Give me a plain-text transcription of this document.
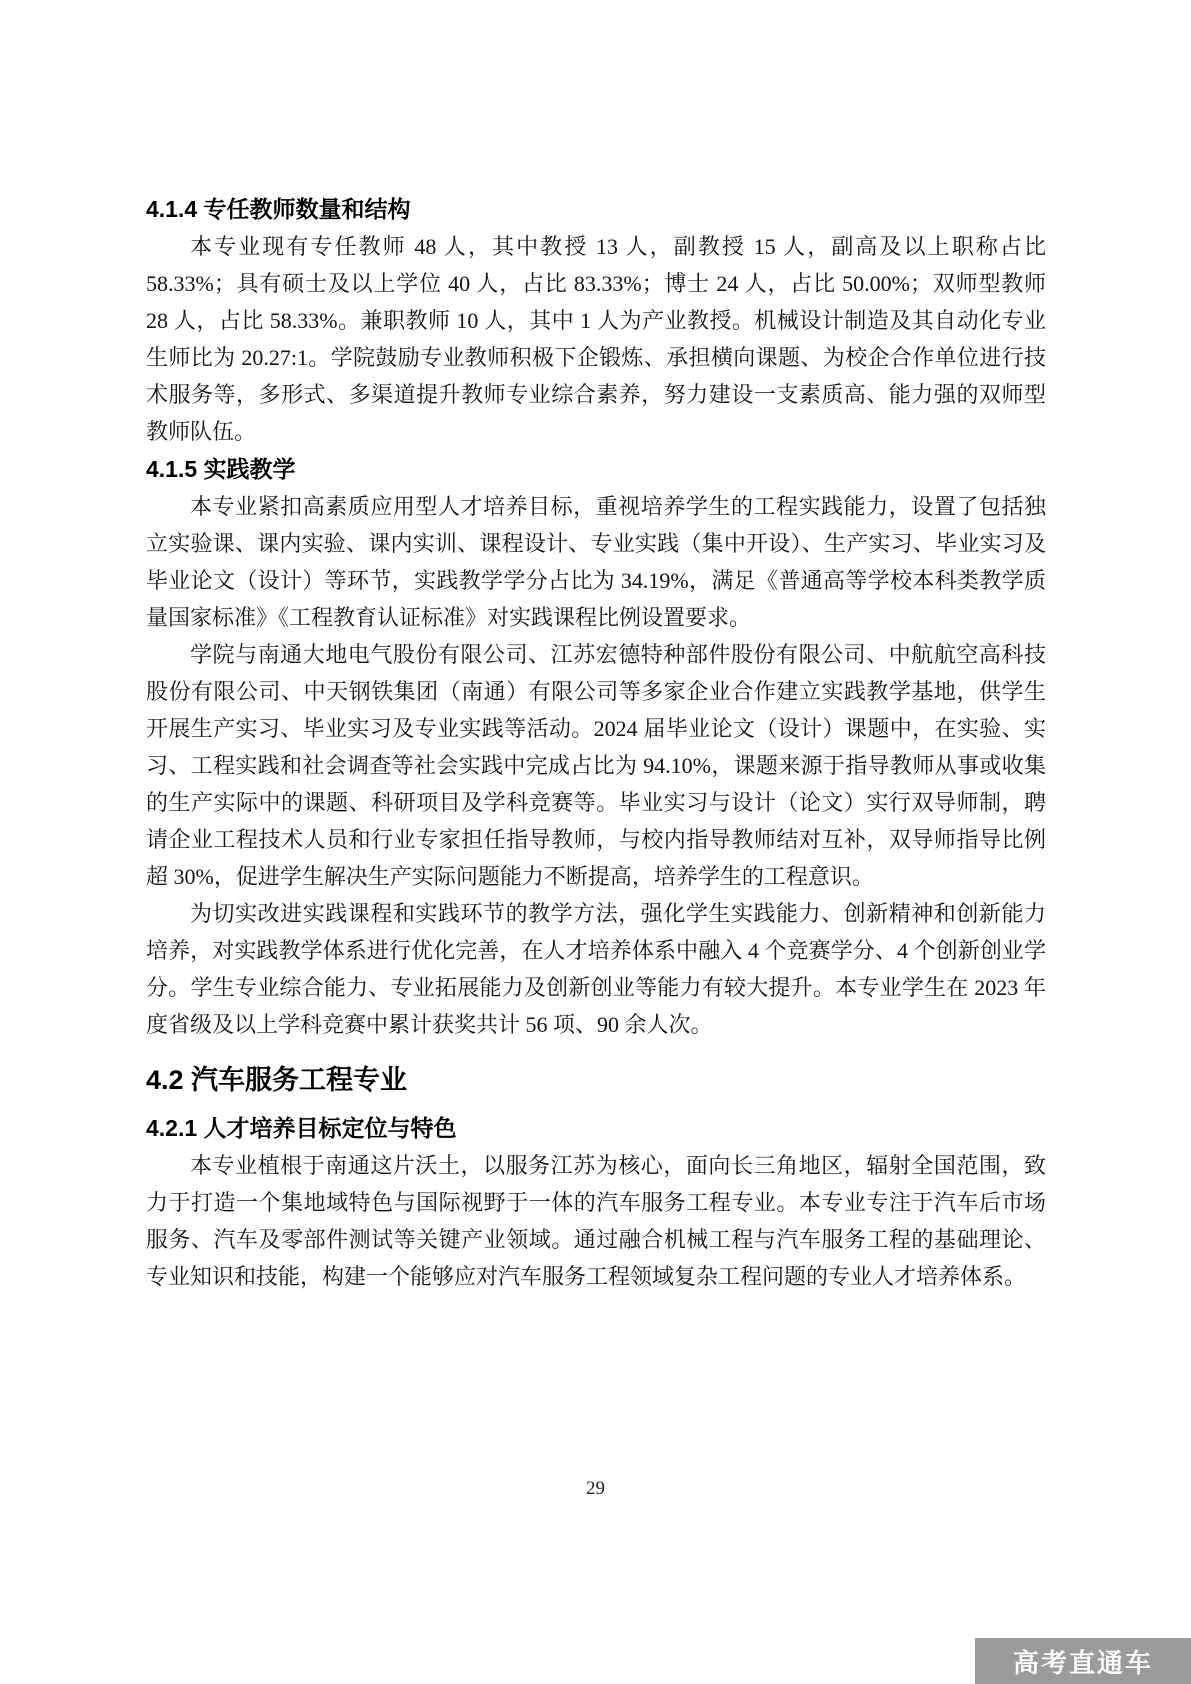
4.1.4 专任教师数量和结构

本专业现有专任教师 48 人，其中教授 13 人，副教授 15 人，副高及以上职称占比 58.33%；具有硕士及以上学位 40 人，占比 83.33%；博士 24 人，占比 50.00%；双师型教师 28 人，占比 58.33%。兼职教师 10 人，其中 1 人为产业教授。机械设计制造及其自动化专业生师比为 20.27:1。学院鼓励专业教师积极下企锻炼、承担横向课题、为校企合作单位进行技术服务等，多形式、多渠道提升教师专业综合素养，努力建设一支素质高、能力强的双师型教师队伍。

4.1.5 实践教学

本专业紧扣高素质应用型人才培养目标，重视培养学生的工程实践能力，设置了包括独立实验课、课内实验、课内实训、课程设计、专业实践（集中开设）、生产实习、毕业实习及毕业论文（设计）等环节，实践教学学分占比为 34.19%，满足《普通高等学校本科类教学质量国家标准》《工程教育认证标准》对实践课程比例设置要求。

学院与南通大地电气股份有限公司、江苏宏德特种部件股份有限公司、中航航空高科技股份有限公司、中天钢铁集团（南通）有限公司等多家企业合作建立实践教学基地，供学生开展生产实习、毕业实习及专业实践等活动。2024 届毕业论文（设计）课题中，在实验、实习、工程实践和社会调查等社会实践中完成占比为 94.10%，课题来源于指导教师从事或收集的生产实际中的课题、科研项目及学科竞赛等。毕业实习与设计（论文）实行双导师制，聘请企业工程技术人员和行业专家担任指导教师，与校内指导教师结对互补，双导师指导比例超 30%，促进学生解决生产实际问题能力不断提高，培养学生的工程意识。

为切实改进实践课程和实践环节的教学方法，强化学生实践能力、创新精神和创新能力培养，对实践教学体系进行优化完善，在人才培养体系中融入 4 个竞赛学分、4 个创新创业学分。学生专业综合能力、专业拓展能力及创新创业等能力有较大提升。本专业学生在 2023 年度省级及以上学科竞赛中累计获奖共计 56 项、90 余人次。

4.2 汽车服务工程专业
4.2.1 人才培养目标定位与特色

本专业植根于南通这片沃土，以服务江苏为核心，面向长三角地区，辐射全国范围，致力于打造一个集地域特色与国际视野于一体的汽车服务工程专业。本专业专注于汽车后市场服务、汽车及零部件测试等关键产业领域。通过融合机械工程与汽车服务工程的基础理论、专业知识和技能，构建一个能够应对汽车服务工程领域复杂工程问题的专业人才培养体系。

29
高考直通车
